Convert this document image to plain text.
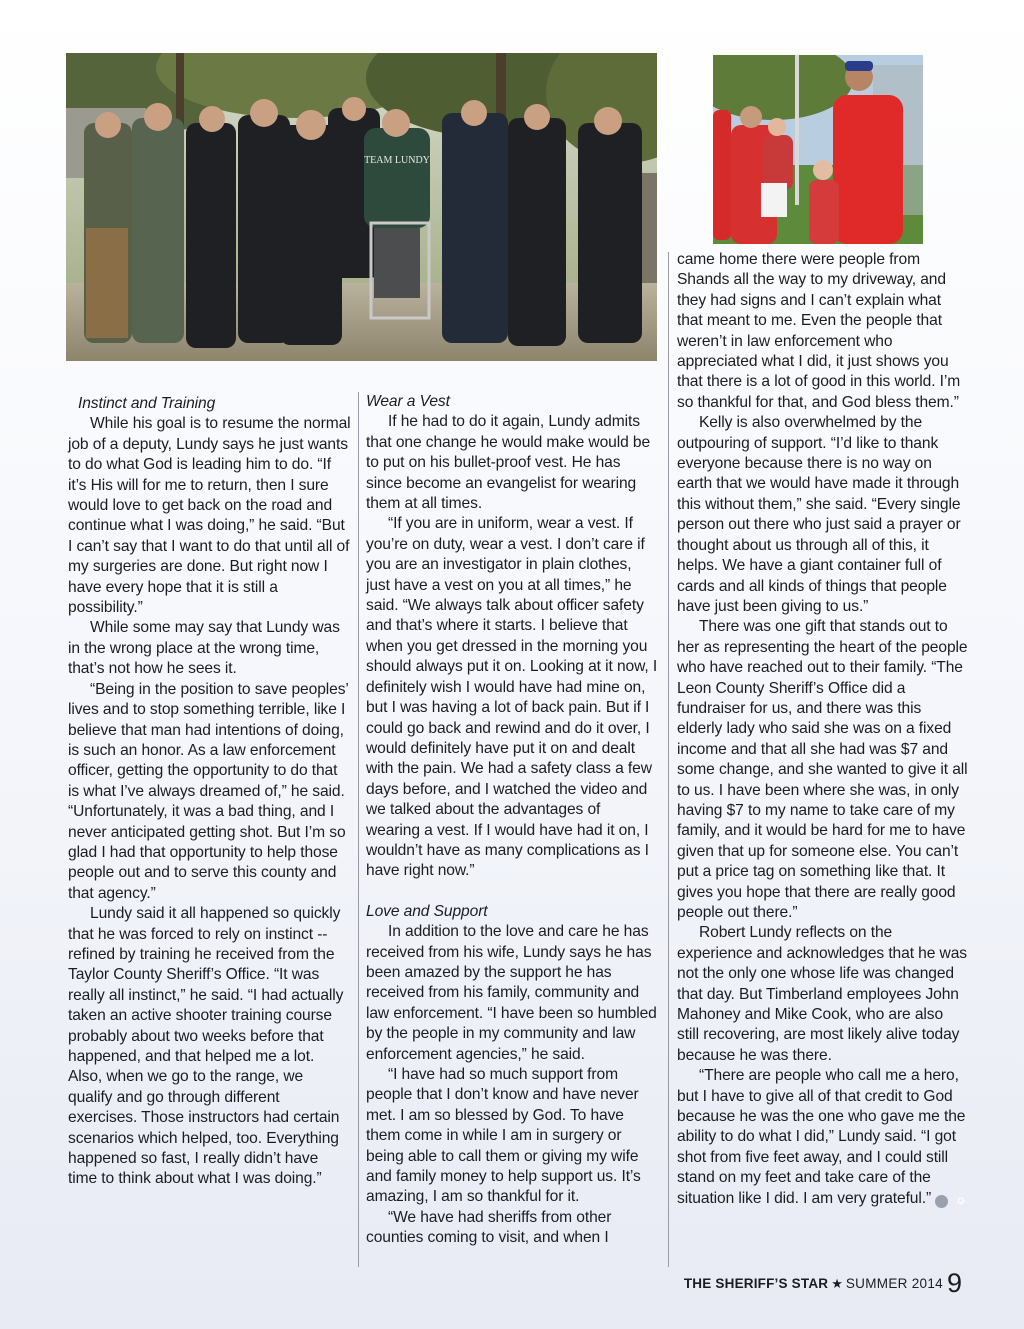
TEAM LUNDY
Instinct and Training

While his goal is to resume the normal job of a deputy, Lundy says he just wants to do what God is leading him to do. “If it’s His will for me to return, then I sure would love to get back on the road and continue what I was doing,” he said. “But I can’t say that I want to do that until all of my surgeries are done. But right now I have every hope that it is still a possibility.”

While some may say that Lundy was in the wrong place at the wrong time, that’s not how he sees it.

“Being in the position to save peoples’ lives and to stop something terrible, like I believe that man had intentions of doing, is such an honor. As a law enforcement officer, getting the opportunity to do that is what I’ve always dreamed of,” he said. “Unfortunately, it was a bad thing, and I never anticipated getting shot. But I’m so glad I had that opportunity to help those people out and to serve this county and that agency.”

Lundy said it all happened so quickly that he was forced to rely on instinct -- refined by training he received from the Taylor County Sheriff’s Office. “It was really all instinct,” he said. “I had actually taken an active shooter training course probably about two weeks before that happened, and that helped me a lot. Also, when we go to the range, we qualify and go through different exercises. Those instructors had certain scenarios which helped, too. Everything happened so fast, I really didn’t have time to think about what I was doing.”

Wear a Vest

If he had to do it again, Lundy admits that one change he would make would be to put on his bullet-proof vest. He has since become an evangelist for wearing them at all times.

“If you are in uniform, wear a vest. If you’re on duty, wear a vest. I don’t care if you are an investigator in plain clothes, just have a vest on you at all times,” he said. “We always talk about officer safety and that’s where it starts. I believe that when you get dressed in the morning you should always put it on. Looking at it now, I definitely wish I would have had mine on, but I was having a lot of back pain. But if I could go back and rewind and do it over, I would definitely have put it on and dealt with the pain. We had a safety class a few days before, and I watched the video and we talked about the advantages of wearing a vest. If I would have had it on, I wouldn’t have as many complications as I have right now.”

Love and Support

In addition to the love and care he has received from his wife, Lundy says he has been amazed by the support he has received from his family, community and law enforcement. “I have been so humbled by the people in my community and law enforcement agencies,” he said.

“I have had so much support from people that I don’t know and have never met. I am so blessed by God. To have them come in while I am in surgery or being able to call them or giving my wife and family money to help support us. It’s amazing, I am so thankful for it.

“We have had sheriffs from other counties coming to visit, and when I

came home there were people from Shands all the way to my driveway, and they had signs and I can’t explain what that meant to me. Even the people that weren’t in law enforcement who appreciated what I did, it just shows you that there is a lot of good in this world. I’m so thankful for that, and God bless them.”

Kelly is also overwhelmed by the outpouring of support. “I’d like to thank everyone because there is no way on earth that we would have made it through this without them,” she said. “Every single person out there who just said a prayer or thought about us through all of this, it helps. We have a giant container full of cards and all kinds of things that people have just been giving to us.”

There was one gift that stands out to her as representing the heart of the people who have reached out to their family. “The Leon County Sheriff’s Office did a fundraiser for us, and there was this elderly lady who said she was on a fixed income and that all she had was $7 and some change, and she wanted to give it all to us. I have been where she was, in only having $7 to my name to take care of my family, and it would be hard for me to have given that up for someone else. You can’t put a price tag on something like that. It gives you hope that there are really good people out there.”

Robert Lundy reflects on the experience and acknowledges that he was not the only one whose life was changed that day. But Timberland employees John Mahoney and Mike Cook, who are also still recovering, are most likely alive today because he was there.

“There are people who call me a hero, but I have to give all of that credit to God because he was the one who gave me the ability to do what I did,” Lundy said. “I got shot from five feet away, and I could still stand on my feet and take care of the situation like I did. I am very grateful.”	✪

THE SHERIFF’S STAR ★ SUMMER 2014 9
